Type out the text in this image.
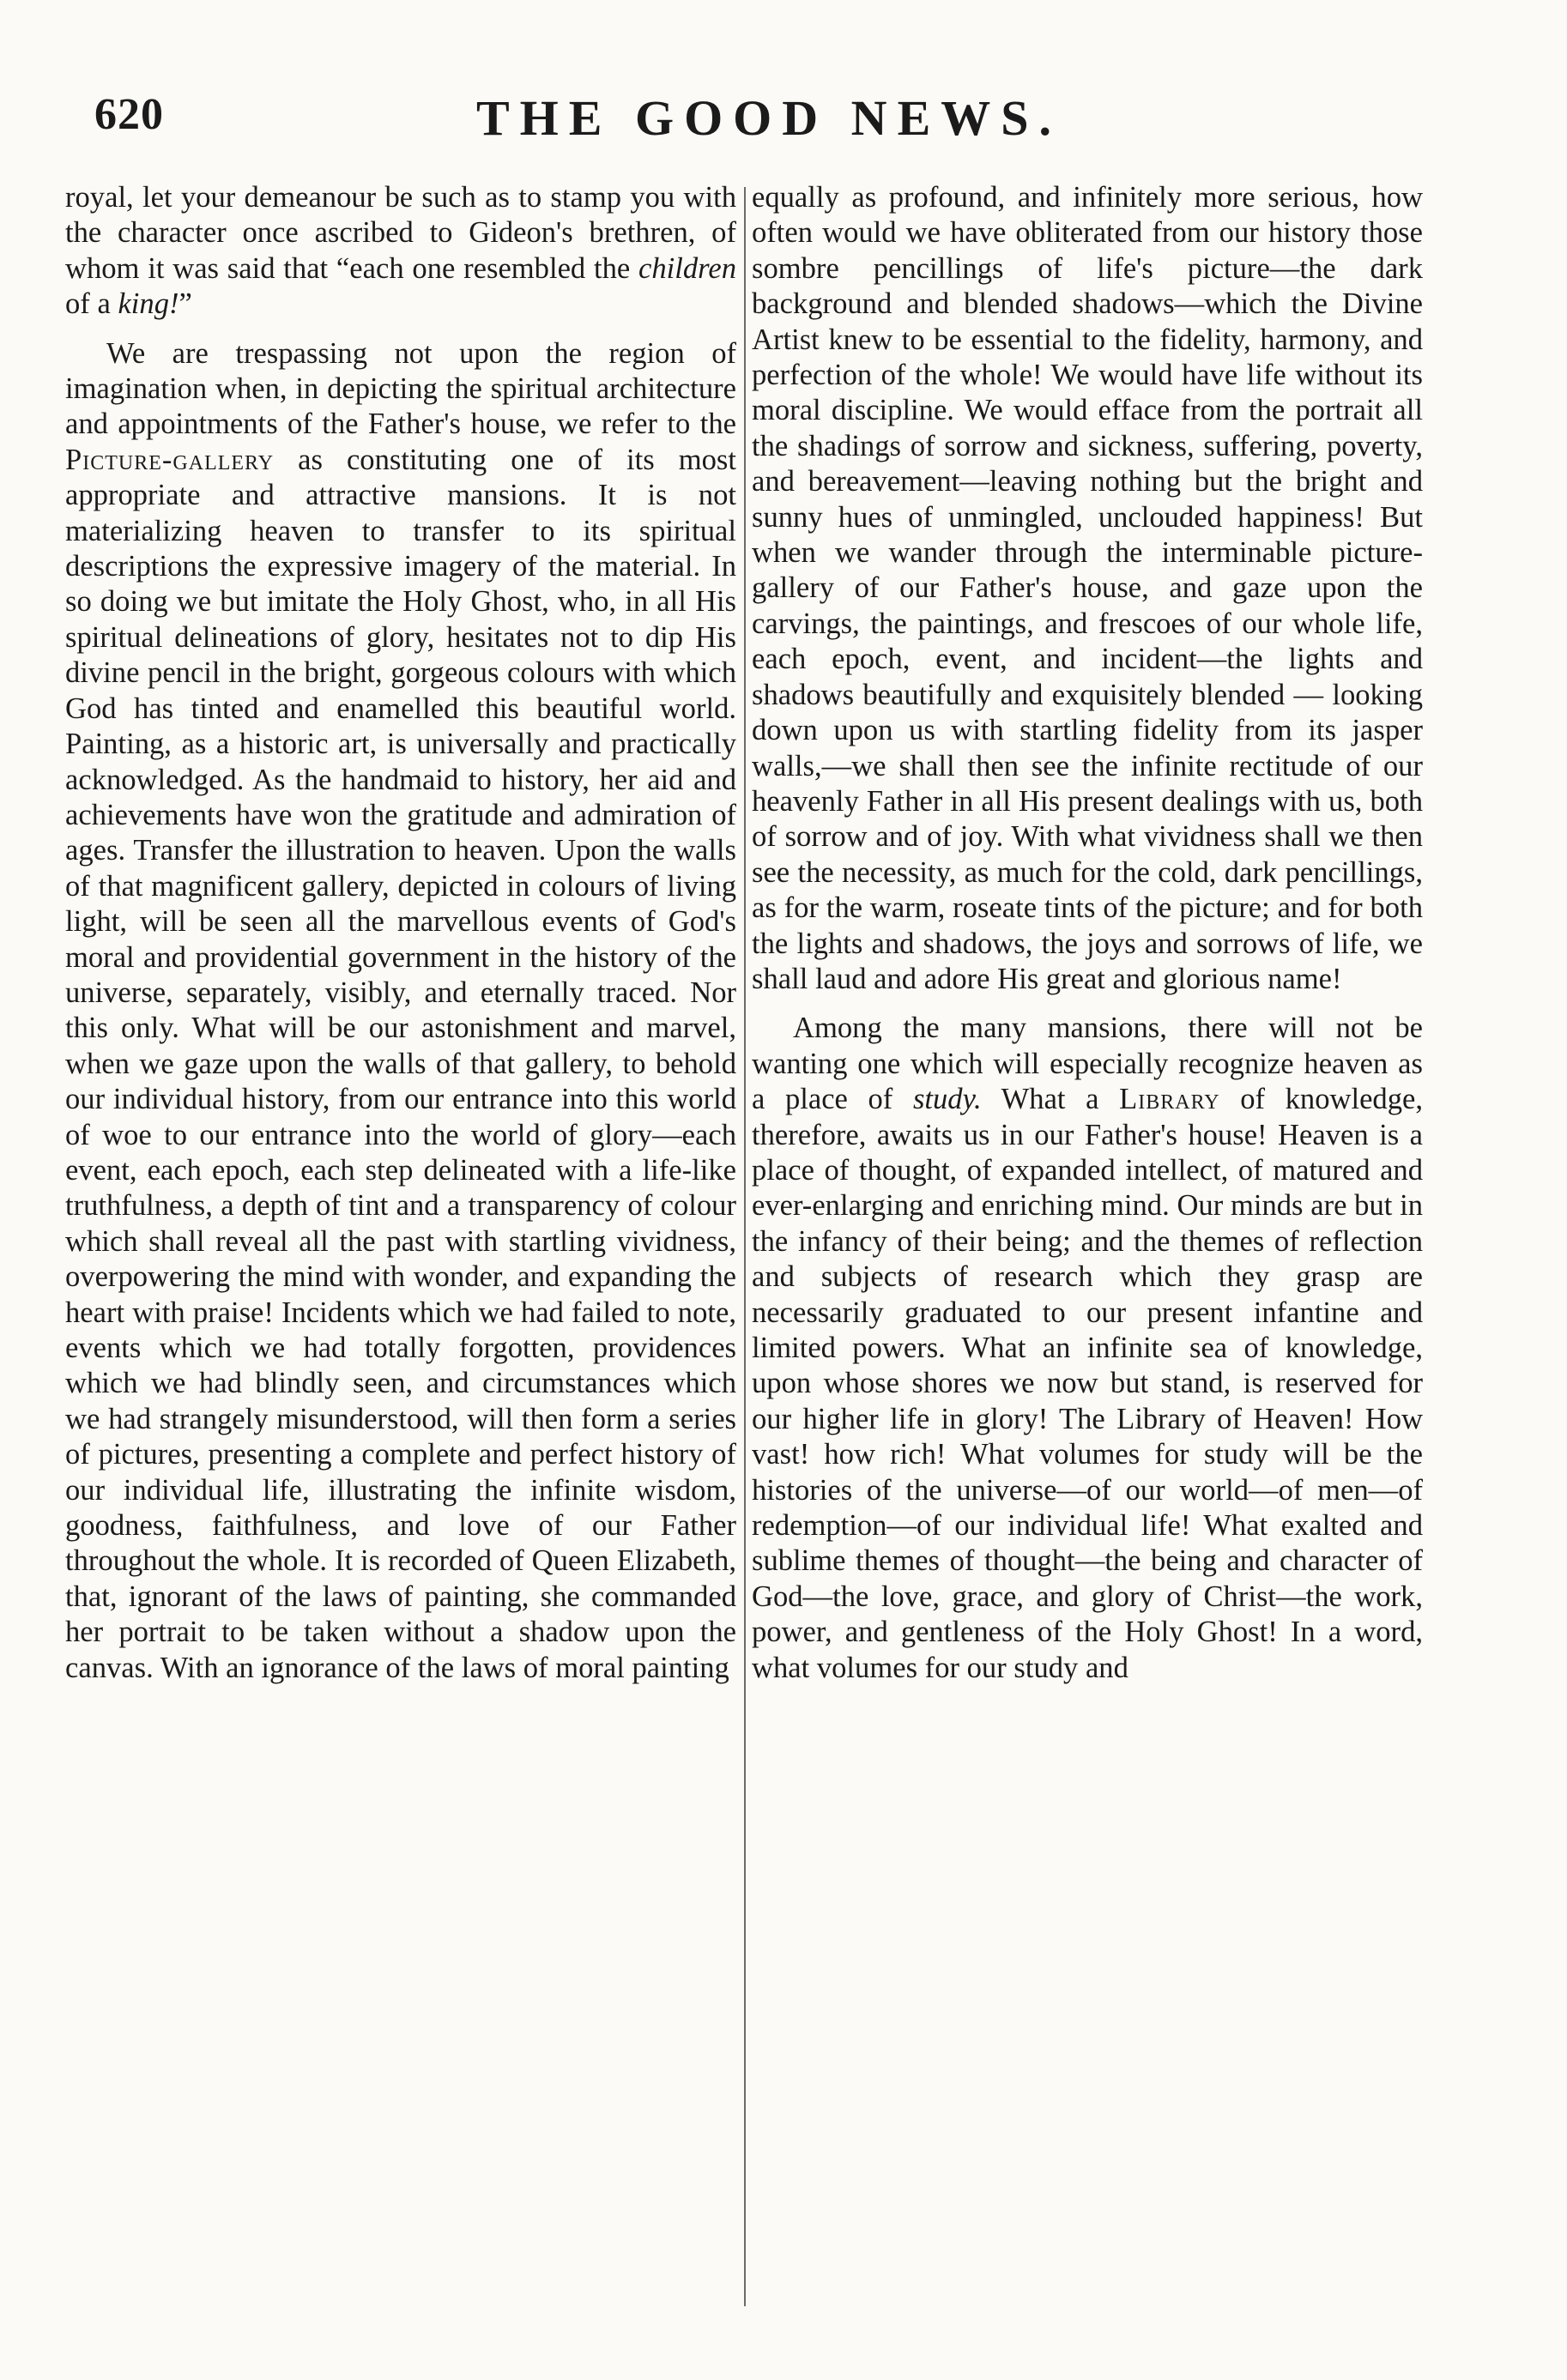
620	THE GOOD NEWS.

royal, let your demeanour be such as to stamp you with the character once ascribed to Gideon's brethren, of whom it was said that “each one resembled the children of a king!”

We are trespassing not upon the region of imagination when, in depicting the spiritual architecture and appointments of the Father's house, we refer to the Picture-gallery as constituting one of its most appropriate and attractive mansions. It is not materializing heaven to transfer to its spiritual descriptions the expressive imagery of the material. In so doing we but imitate the Holy Ghost, who, in all His spiritual delineations of glory, hesitates not to dip His divine pencil in the bright, gorgeous colours with which God has tinted and enamelled this beautiful world. Painting, as a historic art, is universally and practically acknowledged. As the handmaid to history, her aid and achievements have won the gratitude and admiration of ages. Transfer the illustration to heaven. Upon the walls of that magnificent gallery, depicted in colours of living light, will be seen all the marvellous events of God's moral and providential government in the history of the universe, separately, visibly, and eternally traced. Nor this only. What will be our astonishment and marvel, when we gaze upon the walls of that gallery, to behold our individual history, from our entrance into this world of woe to our entrance into the world of glory—each event, each epoch, each step delineated with a life-like truthfulness, a depth of tint and a transparency of colour which shall reveal all the past with startling vividness, overpowering the mind with wonder, and expanding the heart with praise! Incidents which we had failed to note, events which we had totally forgotten, providences which we had blindly seen, and circumstances which we had strangely misunderstood, will then form a series of pictures, presenting a complete and perfect history of our individual life, illustrating the infinite wisdom, goodness, faithfulness, and love of our Father throughout the whole. It is recorded of Queen Elizabeth, that, ignorant of the laws of painting, she commanded her portrait to be taken without a shadow upon the canvas. With an ignorance of the laws of moral painting

equally as profound, and infinitely more serious, how often would we have obliterated from our history those sombre pencillings of life's picture—the dark background and blended shadows—which the Divine Artist knew to be essential to the fidelity, harmony, and perfection of the whole! We would have life without its moral discipline. We would efface from the portrait all the shadings of sorrow and sickness, suffering, poverty, and bereavement—leaving nothing but the bright and sunny hues of unmingled, unclouded happiness! But when we wander through the interminable picture-gallery of our Father's house, and gaze upon the carvings, the paintings, and frescoes of our whole life, each epoch, event, and incident—the lights and shadows beautifully and exquisitely blended — looking down upon us with startling fidelity from its jasper walls,—we shall then see the infinite rectitude of our heavenly Father in all His present dealings with us, both of sorrow and of joy. With what vividness shall we then see the necessity, as much for the cold, dark pencillings, as for the warm, roseate tints of the picture; and for both the lights and shadows, the joys and sorrows of life, we shall laud and adore His great and glorious name!

Among the many mansions, there will not be wanting one which will especially recognize heaven as a place of study. What a Library of knowledge, therefore, awaits us in our Father's house! Heaven is a place of thought, of expanded intellect, of matured and ever-enlarging and enriching mind. Our minds are but in the infancy of their being; and the themes of reflection and subjects of research which they grasp are necessarily graduated to our present infantine and limited powers. What an infinite sea of knowledge, upon whose shores we now but stand, is reserved for our higher life in glory! The Library of Heaven! How vast! how rich! What volumes for study will be the histories of the universe—of our world—of men—of redemption—of our individual life! What exalted and sublime themes of thought—the being and character of God—the love, grace, and glory of Christ—the work, power, and gentleness of the Holy Ghost! In a word, what volumes for our study and
